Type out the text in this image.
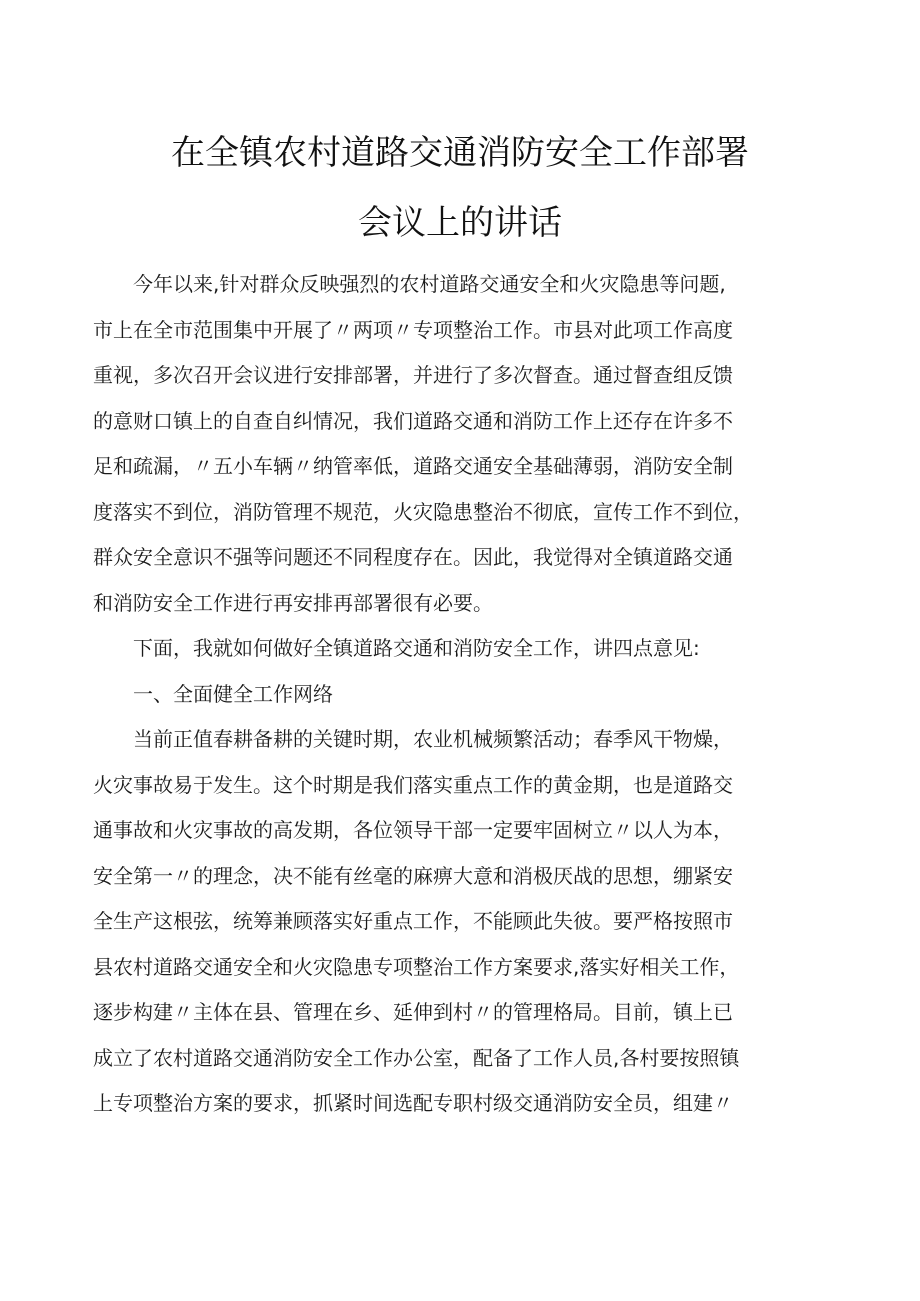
在全镇农村道路交通消防安全工作部署
会议上的讲话
今年以来,针对群众反映强烈的农村道路交通安全和火灾隐患等问题,
市上在全市范围集中开展了〃两项〃专项整治工作。市县对此项工作高度
重视，多次召开会议进行安排部署，并进行了多次督查。通过督查组反馈
的意财口镇上的自查自纠情况，我们道路交通和消防工作上还存在许多不
足和疏漏，〃五小车辆〃纳管率低，道路交通安全基础薄弱，消防安全制
度落实不到位，消防管理不规范，火灾隐患整治不彻底，宣传工作不到位，
群众安全意识不强等问题还不同程度存在。因此，我觉得对全镇道路交通
和消防安全工作进行再安排再部署很有必要。
下面，我就如何做好全镇道路交通和消防安全工作，讲四点意见:
一、全面健全工作网络
当前正值春耕备耕的关键时期，农业机械频繁活动；春季风干物燥，
火灾事故易于发生。这个时期是我们落实重点工作的黄金期，也是道路交
通事故和火灾事故的高发期，各位领导干部一定要牢固树立〃以人为本，
安全第一〃的理念，决不能有丝毫的麻痹大意和消极厌战的思想，绷紧安
全生产这根弦，统筹兼顾落实好重点工作，不能顾此失彼。要严格按照市
县农村道路交通安全和火灾隐患专项整治工作方案要求,落实好相关工作，
逐步构建〃主体在县、管理在乡、延伸到村〃的管理格局。目前，镇上已
成立了农村道路交通消防安全工作办公室，配备了工作人员,各村要按照镇
上专项整治方案的要求，抓紧时间选配专职村级交通消防安全员，组建〃
